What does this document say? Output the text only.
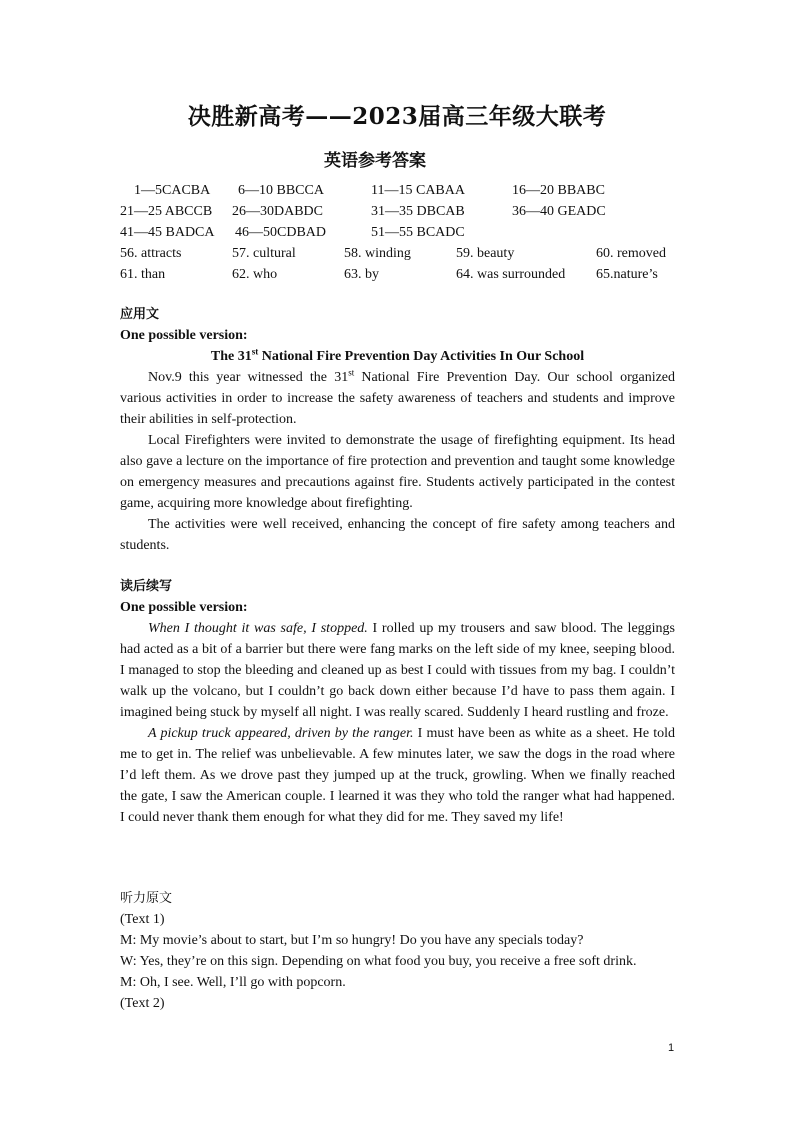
决胜新高考——2023届高三年级大联考
英语参考答案
1—5CACBA 6—10 BBCCA	11—15 CABAA	16—20 BBABC
21—25 ABCCB 26—30DABDC	31—35 DBCAB	36—40 GEADC
41—45 BADCA 46—50CDBAD	51—55 BCADC
56. attracts	57. cultural	58. winding	59. beauty	60. removed
61. than	62. who	63. by	64. was surrounded 65.nature’s
应用文
One possible version:
The 31st National Fire Prevention Day Activities In Our School

Nov.9 this year witnessed the 31st National Fire Prevention Day. Our school organized various activities in order to increase the safety awareness of teachers and students and improve their abilities in self-protection.

Local Firefighters were invited to demonstrate the usage of firefighting equipment. Its head also gave a lecture on the importance of fire protection and prevention and taught some knowledge on emergency measures and precautions against fire. Students actively participated in the contest game, acquiring more knowledge about firefighting.

The activities were well received, enhancing the concept of fire safety among teachers and students.

读后续写
One possible version:

When I thought it was safe, I stopped. I rolled up my trousers and saw blood. The leggings had acted as a bit of a barrier but there were fang marks on the left side of my knee, seeping blood. I managed to stop the bleeding and cleaned up as best I could with tissues from my bag. I couldn’t walk up the volcano, but I couldn’t go back down either because I’d have to pass them again. I imagined being stuck by myself all night. I was really scared. Suddenly I heard rustling and froze.

A pickup truck appeared, driven by the ranger. I must have been as white as a sheet. He told me to get in. The relief was unbelievable. A few minutes later, we saw the dogs in the road where I’d left them. As we drove past they jumped up at the truck, growling. When we finally reached the gate, I saw the American couple. I learned it was they who told the ranger what had happened. I could never thank them enough for what they did for me. They saved my life!

听力原文

(Text 1)

M: My movie’s about to start, but I’m so hungry! Do you have any specials today?

W: Yes, they’re on this sign. Depending on what food you buy, you receive a free soft drink.

M: Oh, I see. Well, I’ll go with popcorn.

(Text 2)

1
